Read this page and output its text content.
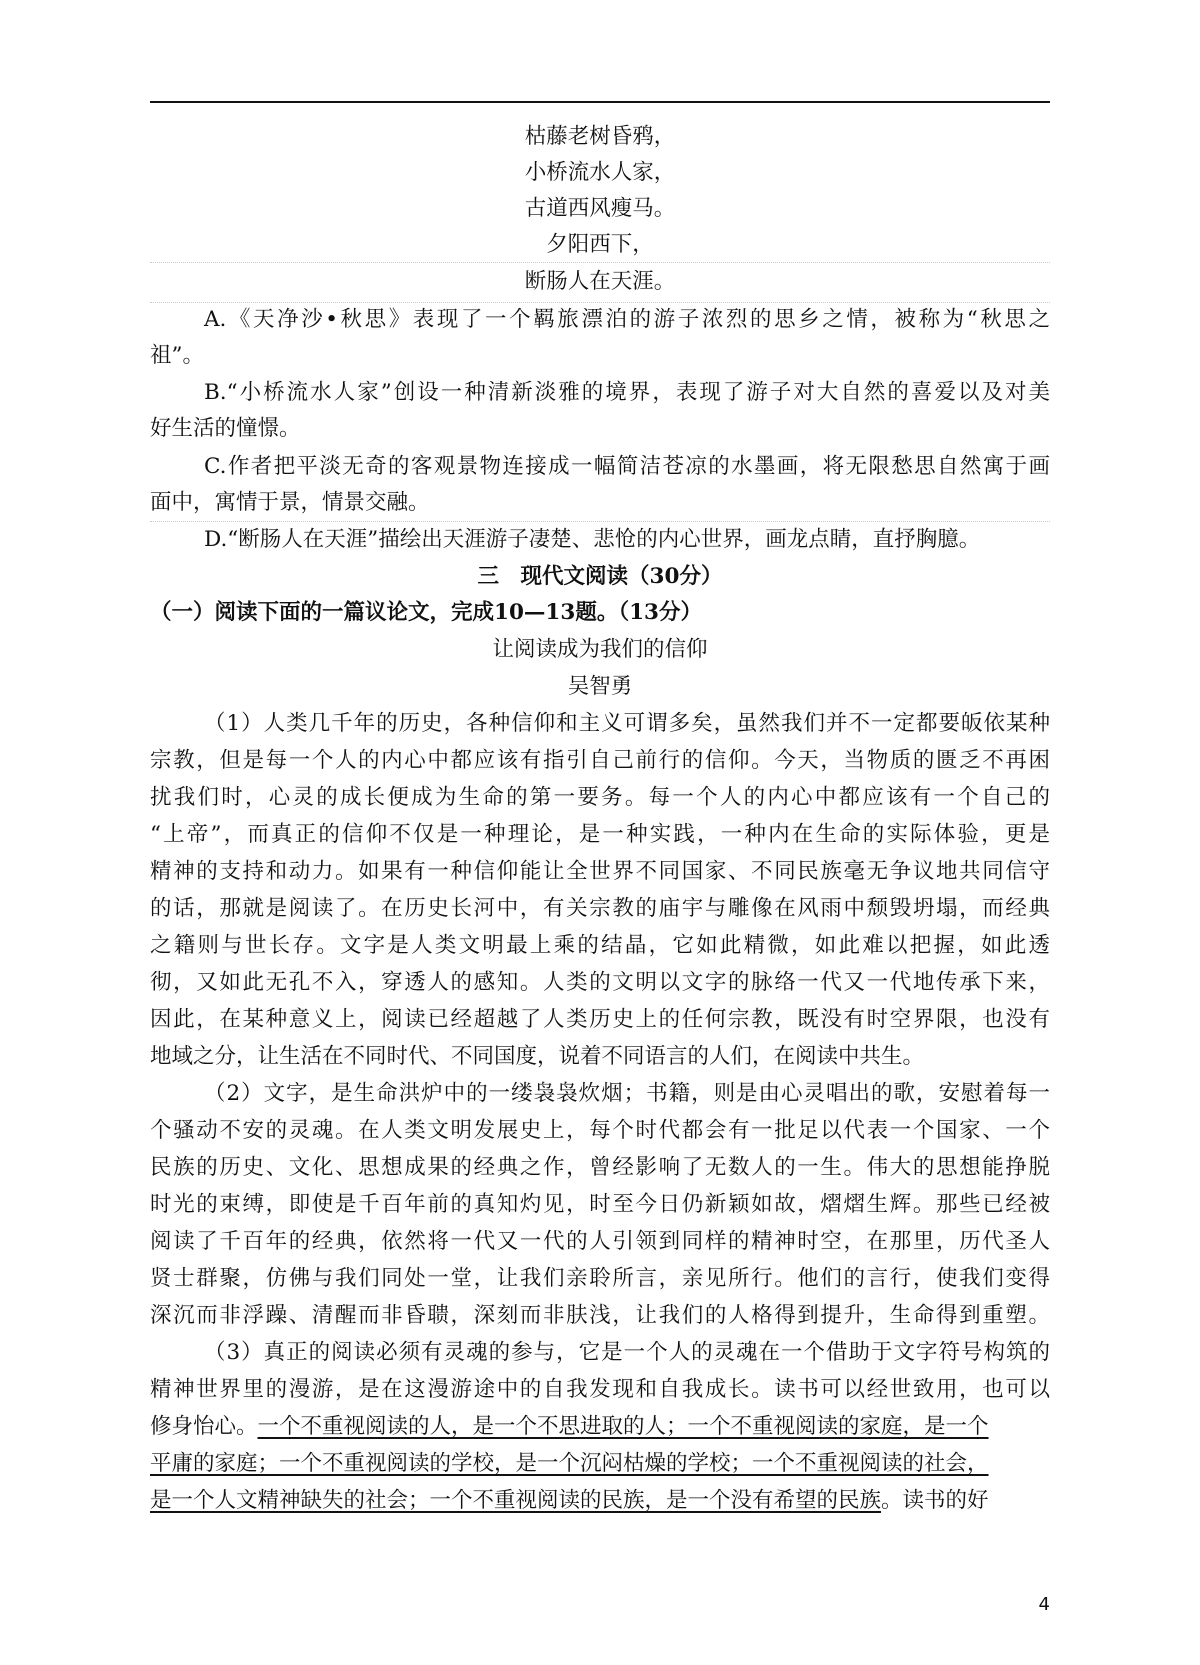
枯藤老树昏鸦，
小桥流水人家，
古道西风瘦马。
夕阳西下，
断肠人在天涯。
A.《天净沙•秋思》表现了一个羁旅漂泊的游子浓烈的思乡之情，被称为“秋思之
祖”。
B.“小桥流水人家”创设一种清新淡雅的境界，表现了游子对大自然的喜爱以及对美
好生活的憧憬。
C.作者把平淡无奇的客观景物连接成一幅简洁苍凉的水墨画，将无限愁思自然寓于画
面中，寓情于景，情景交融。
D.“断肠人在天涯”描绘出天涯游子凄楚、悲怆的内心世界，画龙点睛，直抒胸臆。
三　现代文阅读（30分）
（一）阅读下面的一篇议论文，完成10—13题。（13分）
让阅读成为我们的信仰
吴智勇
（1）人类几千年的历史，各种信仰和主义可谓多矣，虽然我们并不一定都要皈依某种
宗教，但是每一个人的内心中都应该有指引自己前行的信仰。今天，当物质的匮乏不再困
扰我们时，心灵的成长便成为生命的第一要务。每一个人的内心中都应该有一个自己的
“上帝”，而真正的信仰不仅是一种理论，是一种实践，一种内在生命的实际体验，更是
精神的支持和动力。如果有一种信仰能让全世界不同国家、不同民族毫无争议地共同信守
的话，那就是阅读了。在历史长河中，有关宗教的庙宇与雕像在风雨中颓毁坍塌，而经典
之籍则与世长存。文字是人类文明最上乘的结晶，它如此精微，如此难以把握，如此透
彻，又如此无孔不入，穿透人的感知。人类的文明以文字的脉络一代又一代地传承下来，
因此，在某种意义上，阅读已经超越了人类历史上的任何宗教，既没有时空界限，也没有
地域之分，让生活在不同时代、不同国度，说着不同语言的人们，在阅读中共生。
（2）文字，是生命洪炉中的一缕袅袅炊烟；书籍，则是由心灵唱出的歌，安慰着每一
个骚动不安的灵魂。在人类文明发展史上，每个时代都会有一批足以代表一个国家、一个
民族的历史、文化、思想成果的经典之作，曾经影响了无数人的一生。伟大的思想能挣脱
时光的束缚，即使是千百年前的真知灼见，时至今日仍新颖如故，熠熠生辉。那些已经被
阅读了千百年的经典，依然将一代又一代的人引领到同样的精神时空，在那里，历代圣人
贤士群聚，仿佛与我们同处一堂，让我们亲聆所言，亲见所行。他们的言行，使我们变得
深沉而非浮躁、清醒而非昏聩，深刻而非肤浅，让我们的人格得到提升，生命得到重塑。
（3）真正的阅读必须有灵魂的参与，它是一个人的灵魂在一个借助于文字符号构筑的
精神世界里的漫游，是在这漫游途中的自我发现和自我成长。读书可以经世致用，也可以
修身怡心。一个不重视阅读的人，是一个不思进取的人；一个不重视阅读的家庭，是一个
平庸的家庭；一个不重视阅读的学校，是一个沉闷枯燥的学校；一个不重视阅读的社会，
是一个人文精神缺失的社会；一个不重视阅读的民族，是一个没有希望的民族。读书的好
4
